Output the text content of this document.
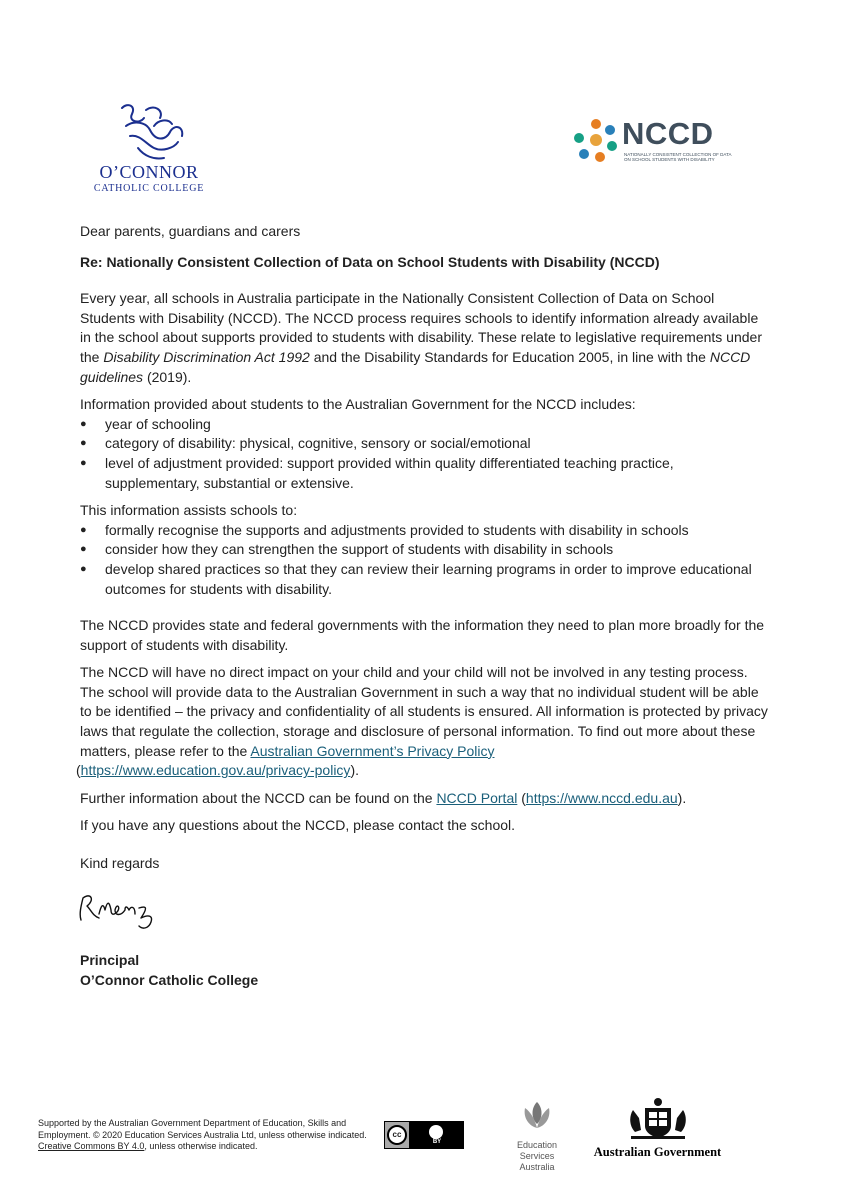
O’CONNOR
CATHOLIC COLLEGE
NCCD
NATIONALLY CONSISTENT COLLECTION OF DATA ON SCHOOL STUDENTS WITH DISABILITY

Dear parents, guardians and carers

Re: Nationally Consistent Collection of Data on School Students with Disability (NCCD)

Every year, all schools in Australia participate in the Nationally Consistent Collection of Data on School Students with Disability (NCCD). The NCCD process requires schools to identify information already available in the school about supports provided to students with disability. These relate to legislative requirements under the Disability Discrimination Act 1992 and the Disability Standards for Education 2005, in line with the NCCD guidelines (2019).

Information provided about students to the Australian Government for the NCCD includes:

● year of schooling
● category of disability: physical, cognitive, sensory or social/emotional
● level of adjustment provided: support provided within quality differentiated teaching practice, supplementary, substantial or extensive.

This information assists schools to:

● formally recognise the supports and adjustments provided to students with disability in schools
● consider how they can strengthen the support of students with disability in schools
● develop shared practices so that they can review their learning programs in order to improve educational outcomes for students with disability.

The NCCD provides state and federal governments with the information they need to plan more broadly for the support of students with disability.

The NCCD will have no direct impact on your child and your child will not be involved in any testing process. The school will provide data to the Australian Government in such a way that no individual student will be able to be identified – the privacy and confidentiality of all students is ensured. All information is protected by privacy laws that regulate the collection, storage and disclosure of personal information. To find out more about these matters, please refer to the Australian Government’s Privacy Policy
(https://www.education.gov.au/privacy-policy).

Further information about the NCCD can be found on the NCCD Portal (https://www.nccd.edu.au).

If you have any questions about the NCCD, please contact the school.

Kind regards

Principal

O’Connor Catholic College

Supported by the Australian Government Department of Education, Skills and Employment. © 2020 Education Services Australia Ltd, unless otherwise indicated. Creative Commons BY 4.0, unless otherwise indicated.
cc
BY	Education
Services
Australia
Australian Government
